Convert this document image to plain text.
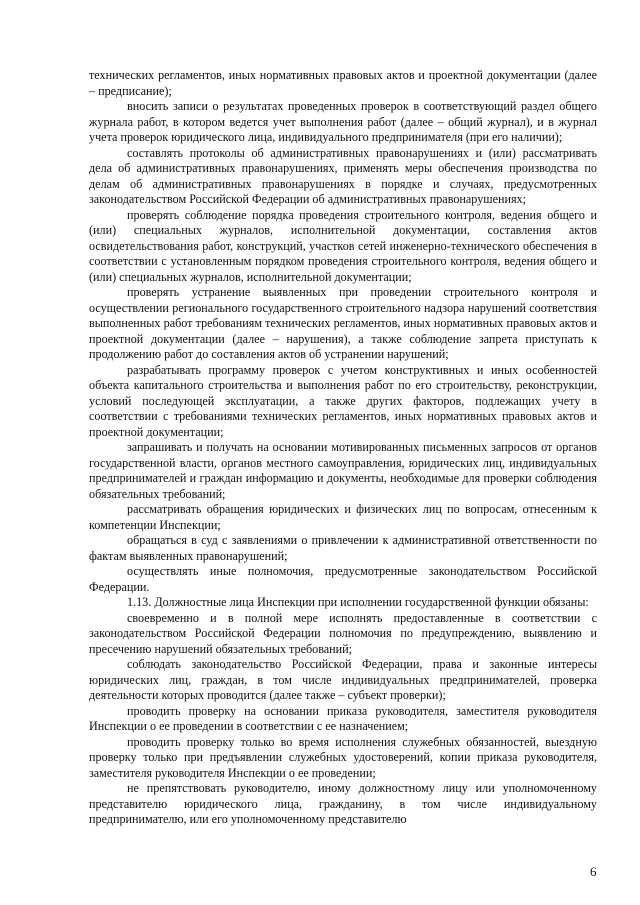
технических регламентов, иных нормативных правовых актов и проектной документации (далее – предписание);

вносить записи о результатах проведенных проверок в соответствующий раздел общего журнала работ, в котором ведется учет выполнения работ (далее – общий журнал), и в журнал учета проверок юридического лица, индивидуального предпринимателя (при его наличии);

составлять протоколы об административных правонарушениях и (или) рассматривать дела об административных правонарушениях, применять меры обеспечения производства по делам об административных правонарушениях в порядке и случаях, предусмотренных законодательством Российской Федерации об административных правонарушениях;

проверять соблюдение порядка проведения строительного контроля, ведения общего и (или) специальных журналов, исполнительной документации, составления актов освидетельствования работ, конструкций, участков сетей инженерно-технического обеспечения в соответствии с установленным порядком проведения строительного контроля, ведения общего и (или) специальных журналов, исполнительной документации;

проверять устранение выявленных при проведении строительного контроля и осуществлении регионального государственного строительного надзора нарушений соответствия выполненных работ требованиям технических регламентов, иных нормативных правовых актов и проектной документации (далее – нарушения), а также соблюдение запрета приступать к продолжению работ до составления актов об устранении нарушений;

разрабатывать программу проверок с учетом конструктивных и иных особенностей объекта капитального строительства и выполнения работ по его строительству, реконструкции, условий последующей эксплуатации, а также других факторов, подлежащих учету в соответствии с требованиями технических регламентов, иных нормативных правовых актов и проектной документации;

запрашивать и получать на основании мотивированных письменных запросов от органов государственной власти, органов местного самоуправления, юридических лиц, индивидуальных предпринимателей и граждан информацию и документы, необходимые для проверки соблюдения обязательных требований;

рассматривать обращения юридических и физических лиц по вопросам, отнесенным к компетенции Инспекции;

обращаться в суд с заявлениями о привлечении к административной ответственности по фактам выявленных правонарушений;

осуществлять иные полномочия, предусмотренные законодательством Российской Федерации.

1.13. Должностные лица Инспекции при исполнении государственной функции обязаны:

своевременно и в полной мере исполнять предоставленные в соответствии с законодательством Российской Федерации полномочия по предупреждению, выявлению и пресечению нарушений обязательных требований;

соблюдать законодательство Российской Федерации, права и законные интересы юридических лиц, граждан, в том числе индивидуальных предпринимателей, проверка деятельности которых проводится (далее также – субъект проверки);

проводить проверку на основании приказа руководителя, заместителя руководителя Инспекции о ее проведении в соответствии с ее назначением;

проводить проверку только во время исполнения служебных обязанностей, выездную проверку только при предъявлении служебных удостоверений, копии приказа руководителя, заместителя руководителя Инспекции о ее проведении;

не препятствовать руководителю, иному должностному лицу или уполномоченному представителю юридического лица, гражданину, в том числе индивидуальному предпринимателю, или его уполномоченному представителю

6
